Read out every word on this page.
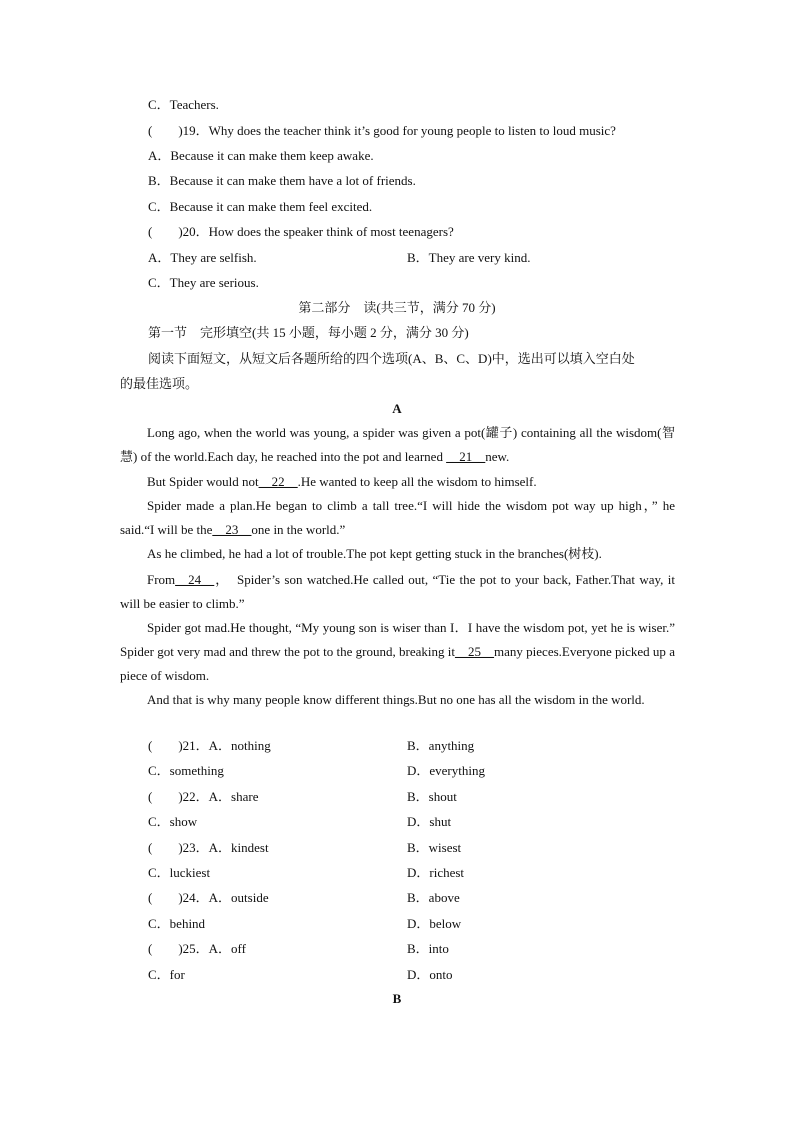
C．Teachers.
(　　)19．Why does the teacher think it’s good for young people to listen to loud music?
A．Because it can make them keep awake.
B．Because it can make them have a lot of friends.
C．Because it can make them feel excited.
(　　)20．How does the speaker think of most teenagers?
A．They are selfish.	B．They are very kind.
C．They are serious.
第二部分　读(共三节，满分 70 分)
第一节　完形填空(共 15 小题，每小题 2 分，满分 30 分)
阅读下面短文，从短文后各题所给的四个选项(A、B、C、D)中，选出可以填入空白处
的最佳选项。
A
Long ago, when the world was young, a spider was given a pot(罐子) containing all the wisdom(智慧) of the world.Each day, he reached into the pot and learned __21__new.
But Spider would not__22__.He wanted to keep all the wisdom to himself.
Spider made a plan.He began to climb a tall tree.“I will hide the wisdom pot way up high，” he said.“I will be the__23__one in the world.”
As he climbed, he had a lot of trouble.The pot kept getting stuck in the branches(树枝).
From__24__，　Spider’s son watched.He called out, “Tie the pot to your back, Father.That way, it will be easier to climb.”
Spider got mad.He thought, “My young son is wiser than I．I have the wisdom pot, yet he is wiser.”　Spider got very mad and threw the pot to the ground, breaking it__25__many pieces.Everyone picked up a piece of wisdom.
And that is why many people know different things.But no one has all the wisdom in the world.
(　　)21．A．nothing	B．anything
C．something	D．everything
(　　)22．A．share	B．shout
C．show	D．shut
(　　)23．A．kindest	B．wisest
C．luckiest	D．richest
(　　)24．A．outside	B．above
C．behind	D．below
(　　)25．A．off	B．into
C．for	D．onto
B
